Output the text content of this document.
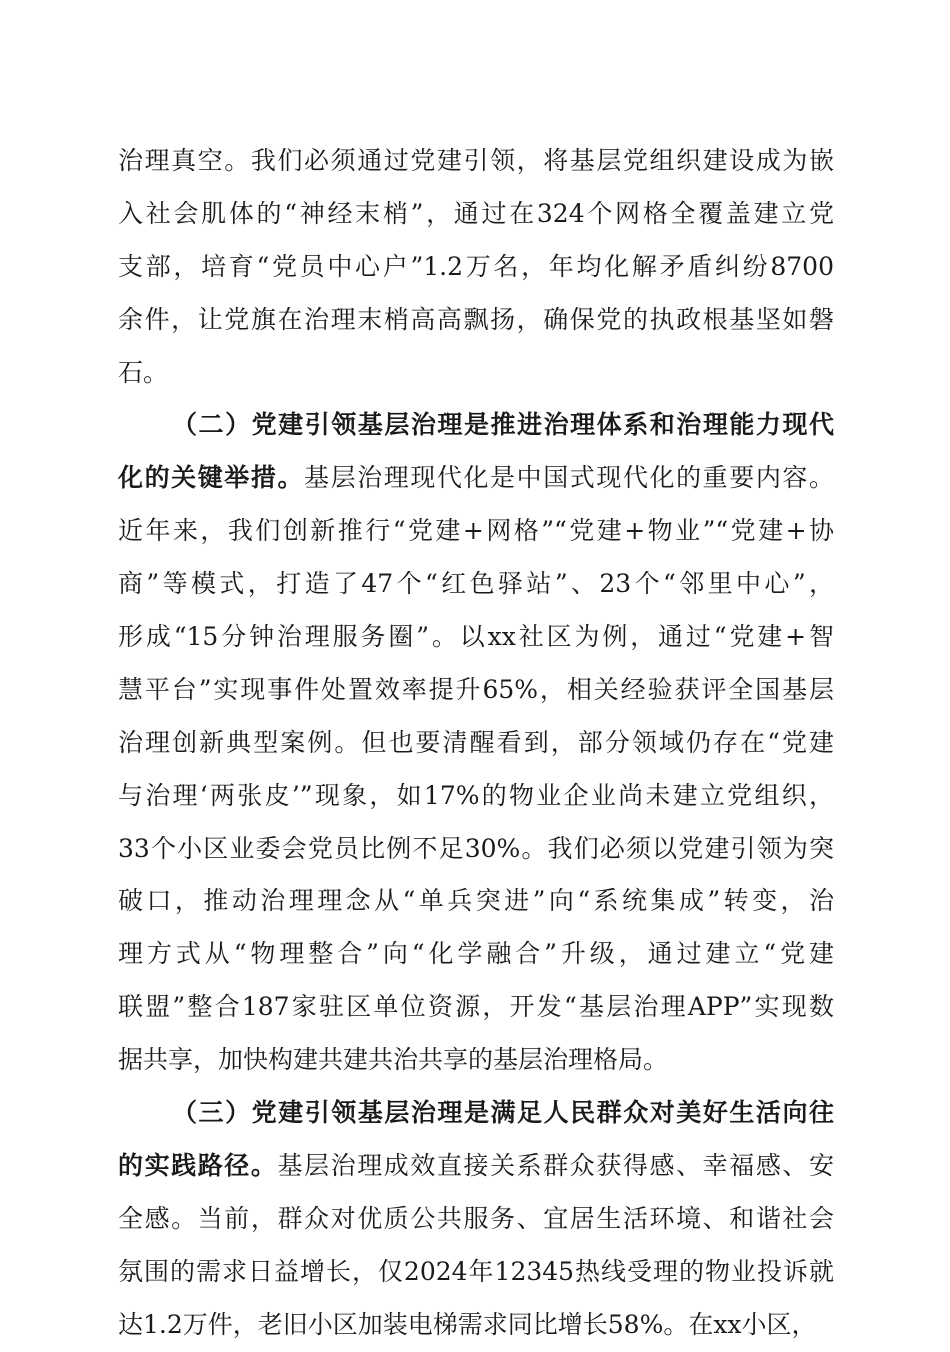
治理真空。我们必须通过党建引领，将基层党组织建设成为嵌
入社会肌体的“神经末梢”，通过在324个网格全覆盖建立党
支部，培育“党员中心户”1.2万名，年均化解矛盾纠纷8700
余件，让党旗在治理末梢高高飘扬，确保党的执政根基坚如磐
石。
（二）党建引领基层治理是推进治理体系和治理能力现代
化的关键举措。基层治理现代化是中国式现代化的重要内容。
近年来，我们创新推行“党建+网格”“党建+物业”“党建+协
商”等模式，打造了47个“红色驿站”、23个“邻里中心”，
形成“15分钟治理服务圈”。以xx社区为例，通过“党建+智
慧平台”实现事件处置效率提升65%，相关经验获评全国基层
治理创新典型案例。但也要清醒看到，部分领域仍存在“党建
与治理‘两张皮’”现象，如17%的物业企业尚未建立党组织，
33个小区业委会党员比例不足30%。我们必须以党建引领为突
破口，推动治理理念从“单兵突进”向“系统集成”转变，治
理方式从“物理整合”向“化学融合”升级，通过建立“党建
联盟”整合187家驻区单位资源，开发“基层治理APP”实现数
据共享，加快构建共建共治共享的基层治理格局。
（三）党建引领基层治理是满足人民群众对美好生活向往
的实践路径。基层治理成效直接关系群众获得感、幸福感、安
全感。当前，群众对优质公共服务、宜居生活环境、和谐社会
氛围的需求日益增长，仅2024年12345热线受理的物业投诉就
达1.2万件，老旧小区加装电梯需求同比增长58%。在xx小区，
